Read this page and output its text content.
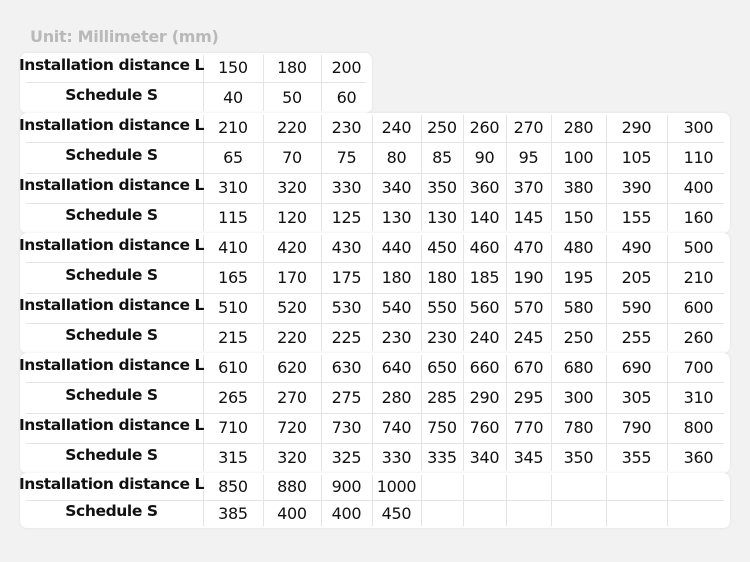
Unit: Millimeter (mm)
Installation distance L 150	180	200
Schedule S	40	50	60
Installation distance L 210	220	230	240 250 260 270	280	290	300
Schedule S	65	70	75	80	85	90	95	100	105	110
Installation distance L 310	320	330	340 350 360 370	380	390	400
Schedule S	115	120	125	130 130 140 145	150	155	160
Installation distance L 410	420	430	440 450 460 470	480	490	500
Schedule S	165	170	175	180 180 185 190	195	205	210
Installation distance L 510	520	530	540 550 560 570	580	590	600
Schedule S	215	220	225	230 230 240 245	250	255	260
Installation distance L 610	620	630	640 650 660 670	680	690	700
Schedule S	265	270	275	280 285 290 295	300	305	310
Installation distance L 710	720	730	740 750 760 770	780	790	800
Schedule S	315	320	325	330 335 340 345	350	355	360
Installation distance L 850	880	900 1000
Schedule S	385	400	400	450
